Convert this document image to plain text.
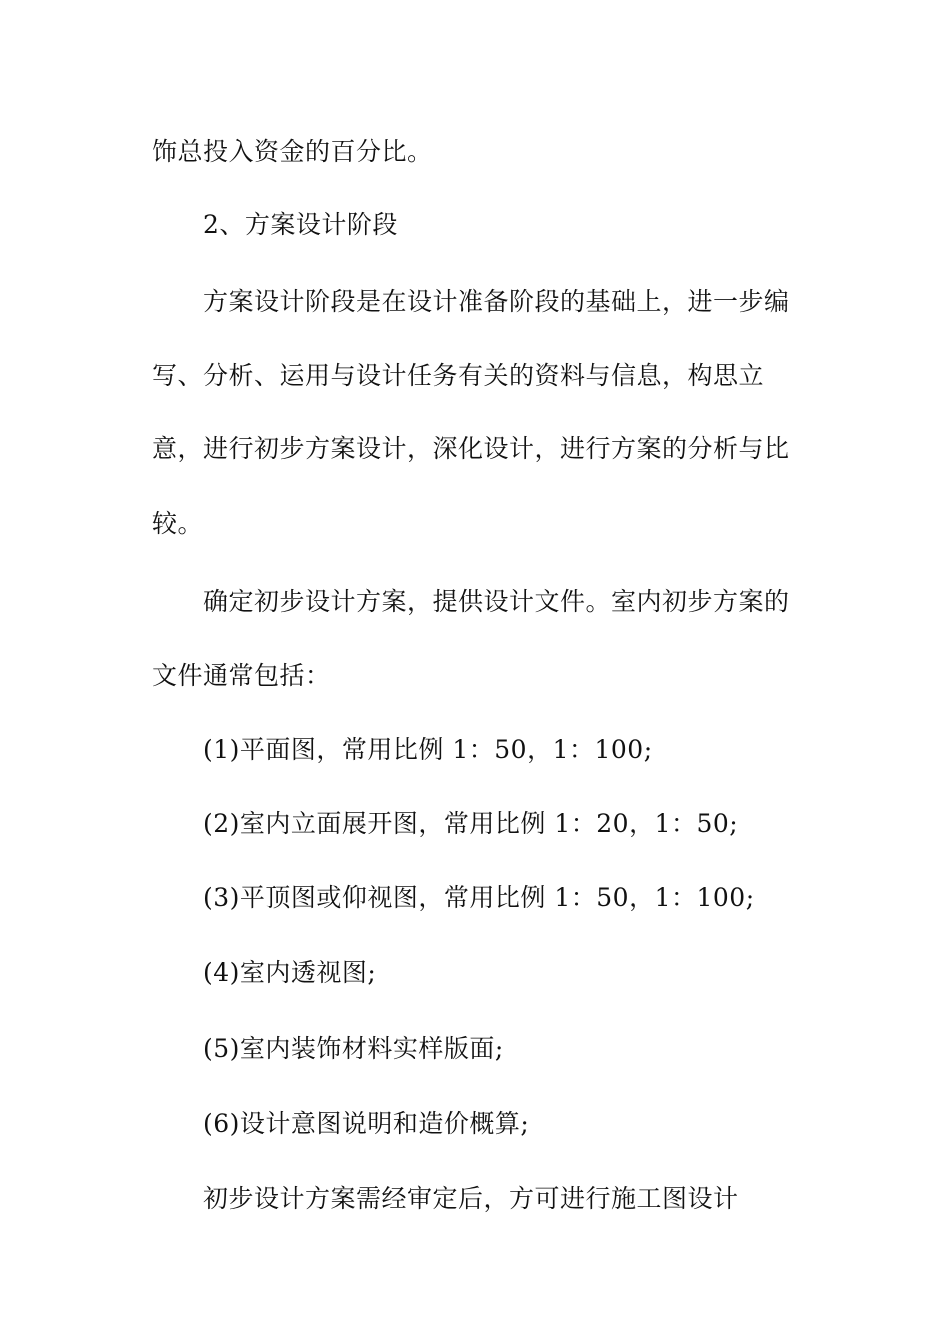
饰总投入资金的百分比。
2、方案设计阶段
方案设计阶段是在设计准备阶段的基础上，进一步编
写、分析、运用与设计任务有关的资料与信息，构思立
意，进行初步方案设计，深化设计，进行方案的分析与比
较。
确定初步设计方案，提供设计文件。室内初步方案的
文件通常包括：
(1)平面图，常用比例 1：50，1：100;
(2)室内立面展开图，常用比例 1：20，1：50;
(3)平顶图或仰视图，常用比例 1：50，1：100;
(4)室内透视图;
(5)室内装饰材料实样版面;
(6)设计意图说明和造价概算;
初步设计方案需经审定后，方可进行施工图设计
